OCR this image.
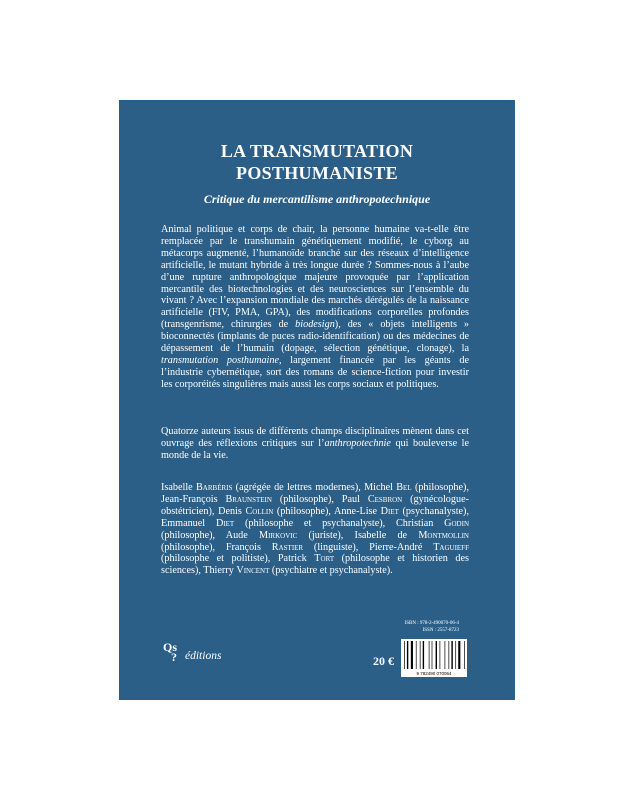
LA TRANSMUTATION
POSTHUMANISTE
Critique du mercantilisme anthropotechnique
Animal politique et corps de chair, la personne humaine va-t-elle être remplacée par le transhumain génétiquement modifié, le cyborg au métacorps augmenté, l’humanoïde branché sur des réseaux d’intelligence artificielle, le mutant hybride à très longue durée ? Sommes-nous à l’aube d’une rupture anthropologique majeure provoquée par l’application mercantile des biotechnologies et des neurosciences sur l’ensemble du vivant ? Avec l’expansion mondiale des marchés dérégulés de la naissance artificielle (FIV, PMA, GPA), des modifications corporelles profondes (transgenrisme, chirurgies de biodesign), des « objets intelligents » bioconnectés (implants de puces radio-identification) ou des médecines de dépassement de l’humain (dopage, sélection génétique, clonage), la transmutation posthumaine, largement financée par les géants de l’industrie cybernétique, sort des romans de science-fiction pour investir les corporéités singulières mais aussi les corps sociaux et politiques.
Quatorze auteurs issus de différents champs disciplinaires mènent dans cet ouvrage des réflexions critiques sur l’anthropotechnie qui bouleverse le monde de la vie.
Isabelle Barbéris (agrégée de lettres modernes), Michel Bel (philosophe), Jean-François Braunstein (philosophe), Paul Cesbron (gynécologue-obstétricien), Denis Collin (philosophe), Anne-Lise Diet (psychanalyste), Emmanuel Diet (philosophe et psychanalyste), Christian Godin (philosophe), Aude Mirkovic (juriste), Isabelle de Montmollin (philosophe), François Rastier (linguiste), Pierre-André Taguieff (philosophe et politiste), Patrick Tort (philosophe et historien des sciences), Thierry Vincent (psychiatre et psychanalyste).
ISBN : 978-2-490070-06-4
ISSN : 2557-8723
Qs
? éditions	20 €
9 782490 070064
